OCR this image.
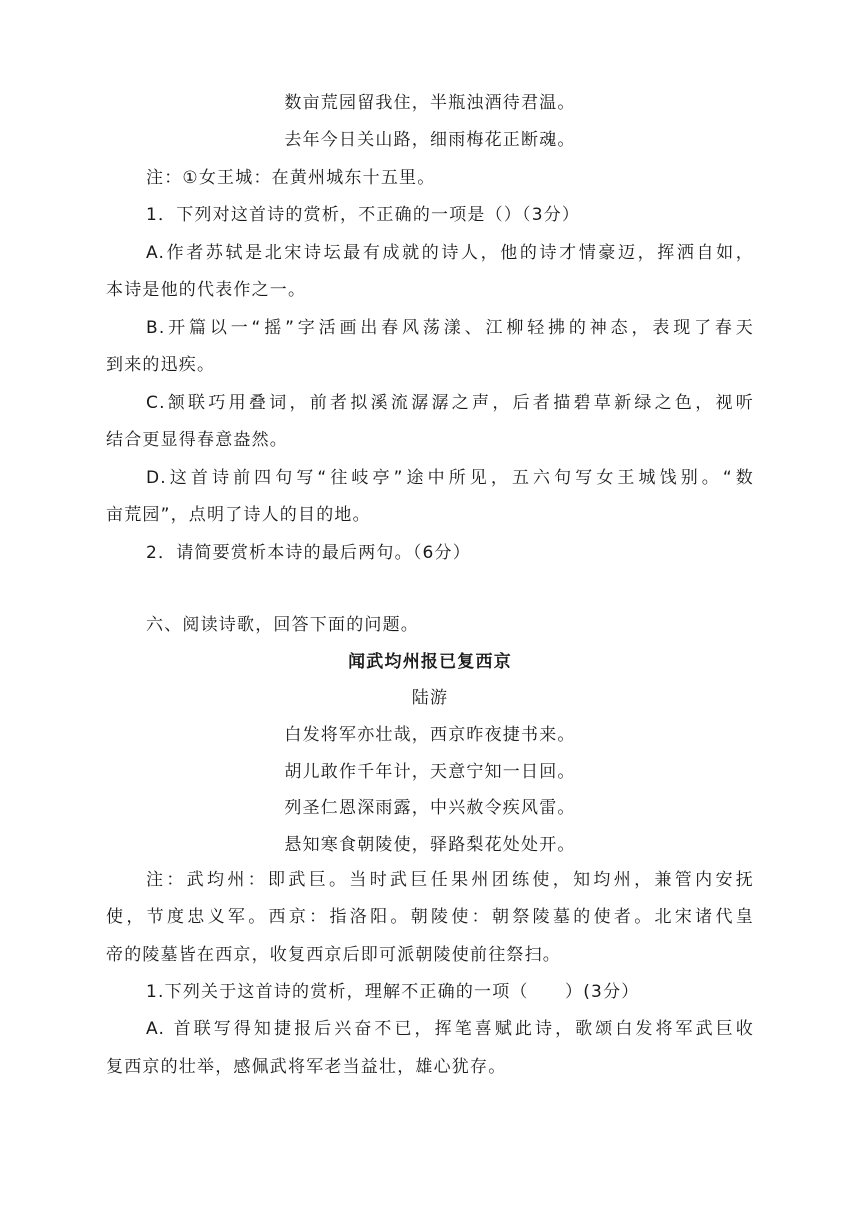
数亩荒园留我住，半瓶浊酒待君温。
去年今日关山路，细雨梅花正断魂。
注：①女王城：在黄州城东十五里。
1．下列对这首诗的赏析，不正确的一项是（）（3分）
A.作者苏轼是北宋诗坛最有成就的诗人，他的诗才情豪迈，挥洒自如，
本诗是他的代表作之一。
B.开篇以一“摇”字活画出春风荡漾、江柳轻拂的神态，表现了春天
到来的迅疾。
C.颔联巧用叠词，前者拟溪流潺潺之声，后者描碧草新绿之色，视听
结合更显得春意盎然。
D.这首诗前四句写“往岐亭”途中所见，五六句写女王城饯别。“数
亩荒园”，点明了诗人的目的地。
2．请简要赏析本诗的最后两句。（6分）
六、阅读诗歌，回答下面的问题。
闻武均州报已复西京
陆游
白发将军亦壮哉，西京昨夜捷书来。
胡儿敢作千年计，天意宁知一日回。
列圣仁恩深雨露，中兴赦令疾风雷。
悬知寒食朝陵使，驿路梨花处处开。
注：武均州：即武巨。当时武巨任果州团练使，知均州，兼管内安抚
使，节度忠义军。西京：指洛阳。朝陵使：朝祭陵墓的使者。北宋诸代皇
帝的陵墓皆在西京，收复西京后即可派朝陵使前往祭扫。
1.下列关于这首诗的赏析，理解不正确的一项（　　）(3分）
A. 首联写得知捷报后兴奋不已，挥笔喜赋此诗，歌颂白发将军武巨收
复西京的壮举，感佩武将军老当益壮，雄心犹存。
